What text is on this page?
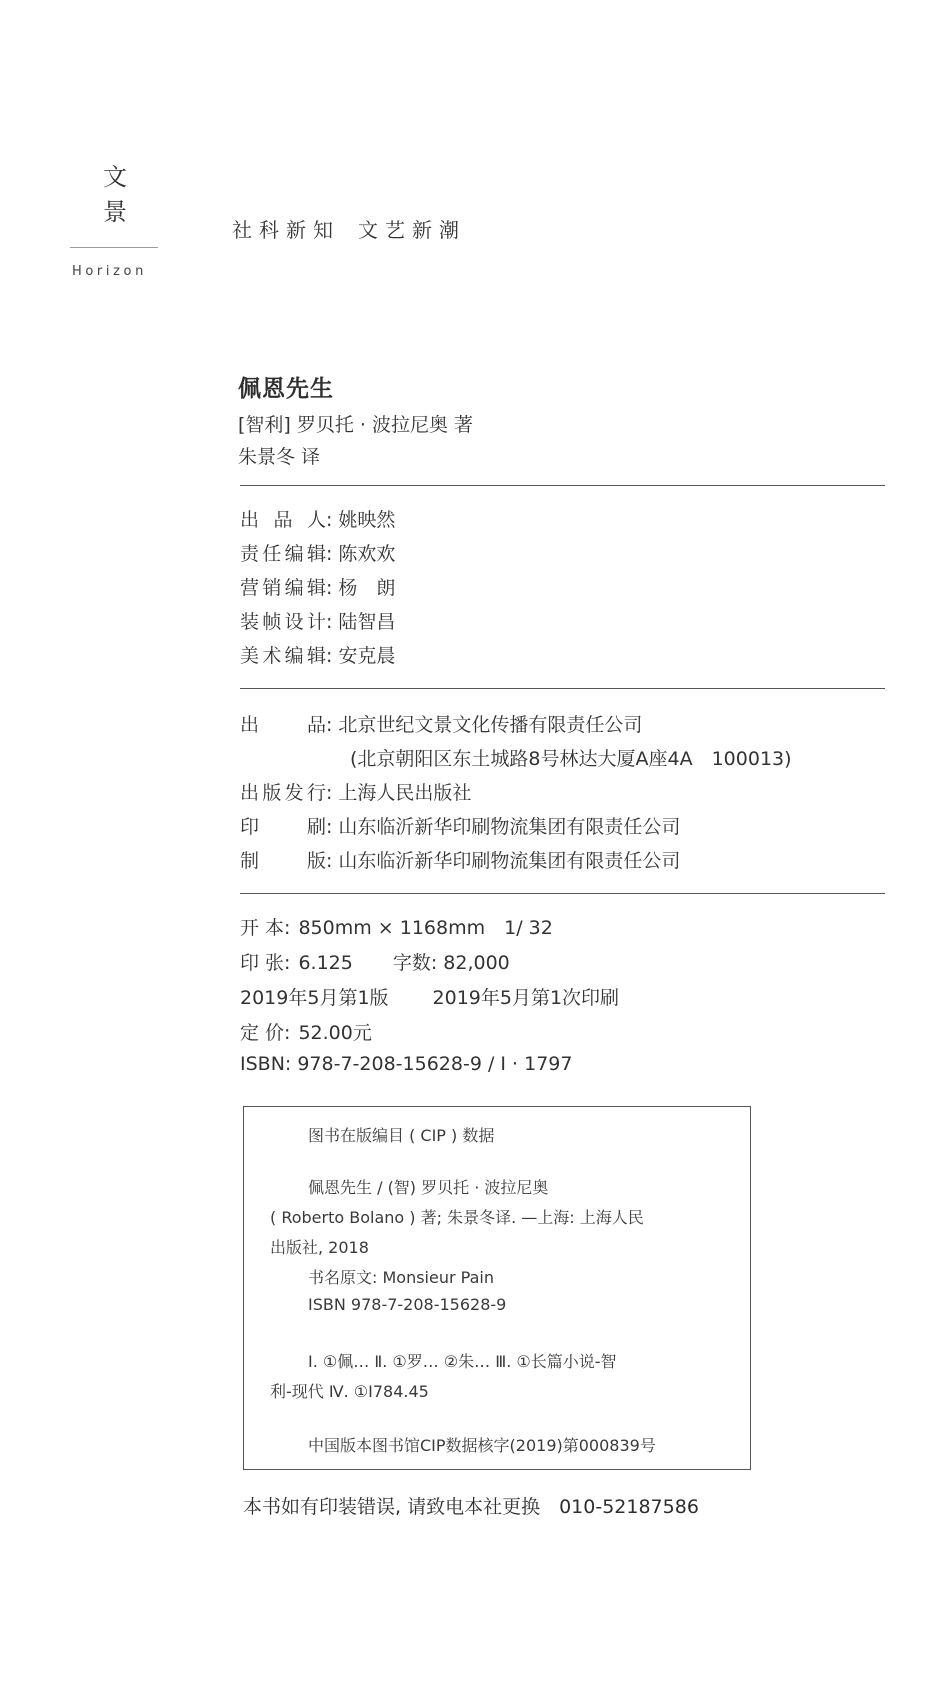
文
景
Horizon
社科新知 文艺新潮
佩恩先生
[智利] 罗贝托 · 波拉尼奥 著
朱景冬 译
出品人: 姚映然
责任编辑: 陈欢欢
营销编辑: 杨　朗
装帧设计: 陆智昌
美术编辑: 安克晨
出品: 北京世纪文景文化传播有限责任公司
(北京朝阳区东土城路8号林达大厦A座4A　100013)
出版发行: 上海人民出版社
印刷: 山东临沂新华印刷物流集团有限责任公司
制版: 山东临沂新华印刷物流集团有限责任公司
开 本: 850mm × 1168mm　1/ 32
印 张: 6.125 字数: 82,000
2019年5月第1版 2019年5月第1次印刷
定 价: 52.00元
ISBN: 978-7-208-15628-9 / I · 1797
图书在版编目 ( CIP ) 数据
佩恩先生 / (智) 罗贝托 · 波拉尼奥
( Roberto Bolano ) 著; 朱景冬译. —上海: 上海人民
出版社, 2018
书名原文: Monsieur Pain
ISBN 978-7-208-15628-9
Ⅰ. ①佩… Ⅱ. ①罗… ②朱… Ⅲ. ①长篇小说-智
利-现代 Ⅳ. ①I784.45
中国版本图书馆CIP数据核字(2019)第000839号
本书如有印装错误, 请致电本社更换　010-52187586
